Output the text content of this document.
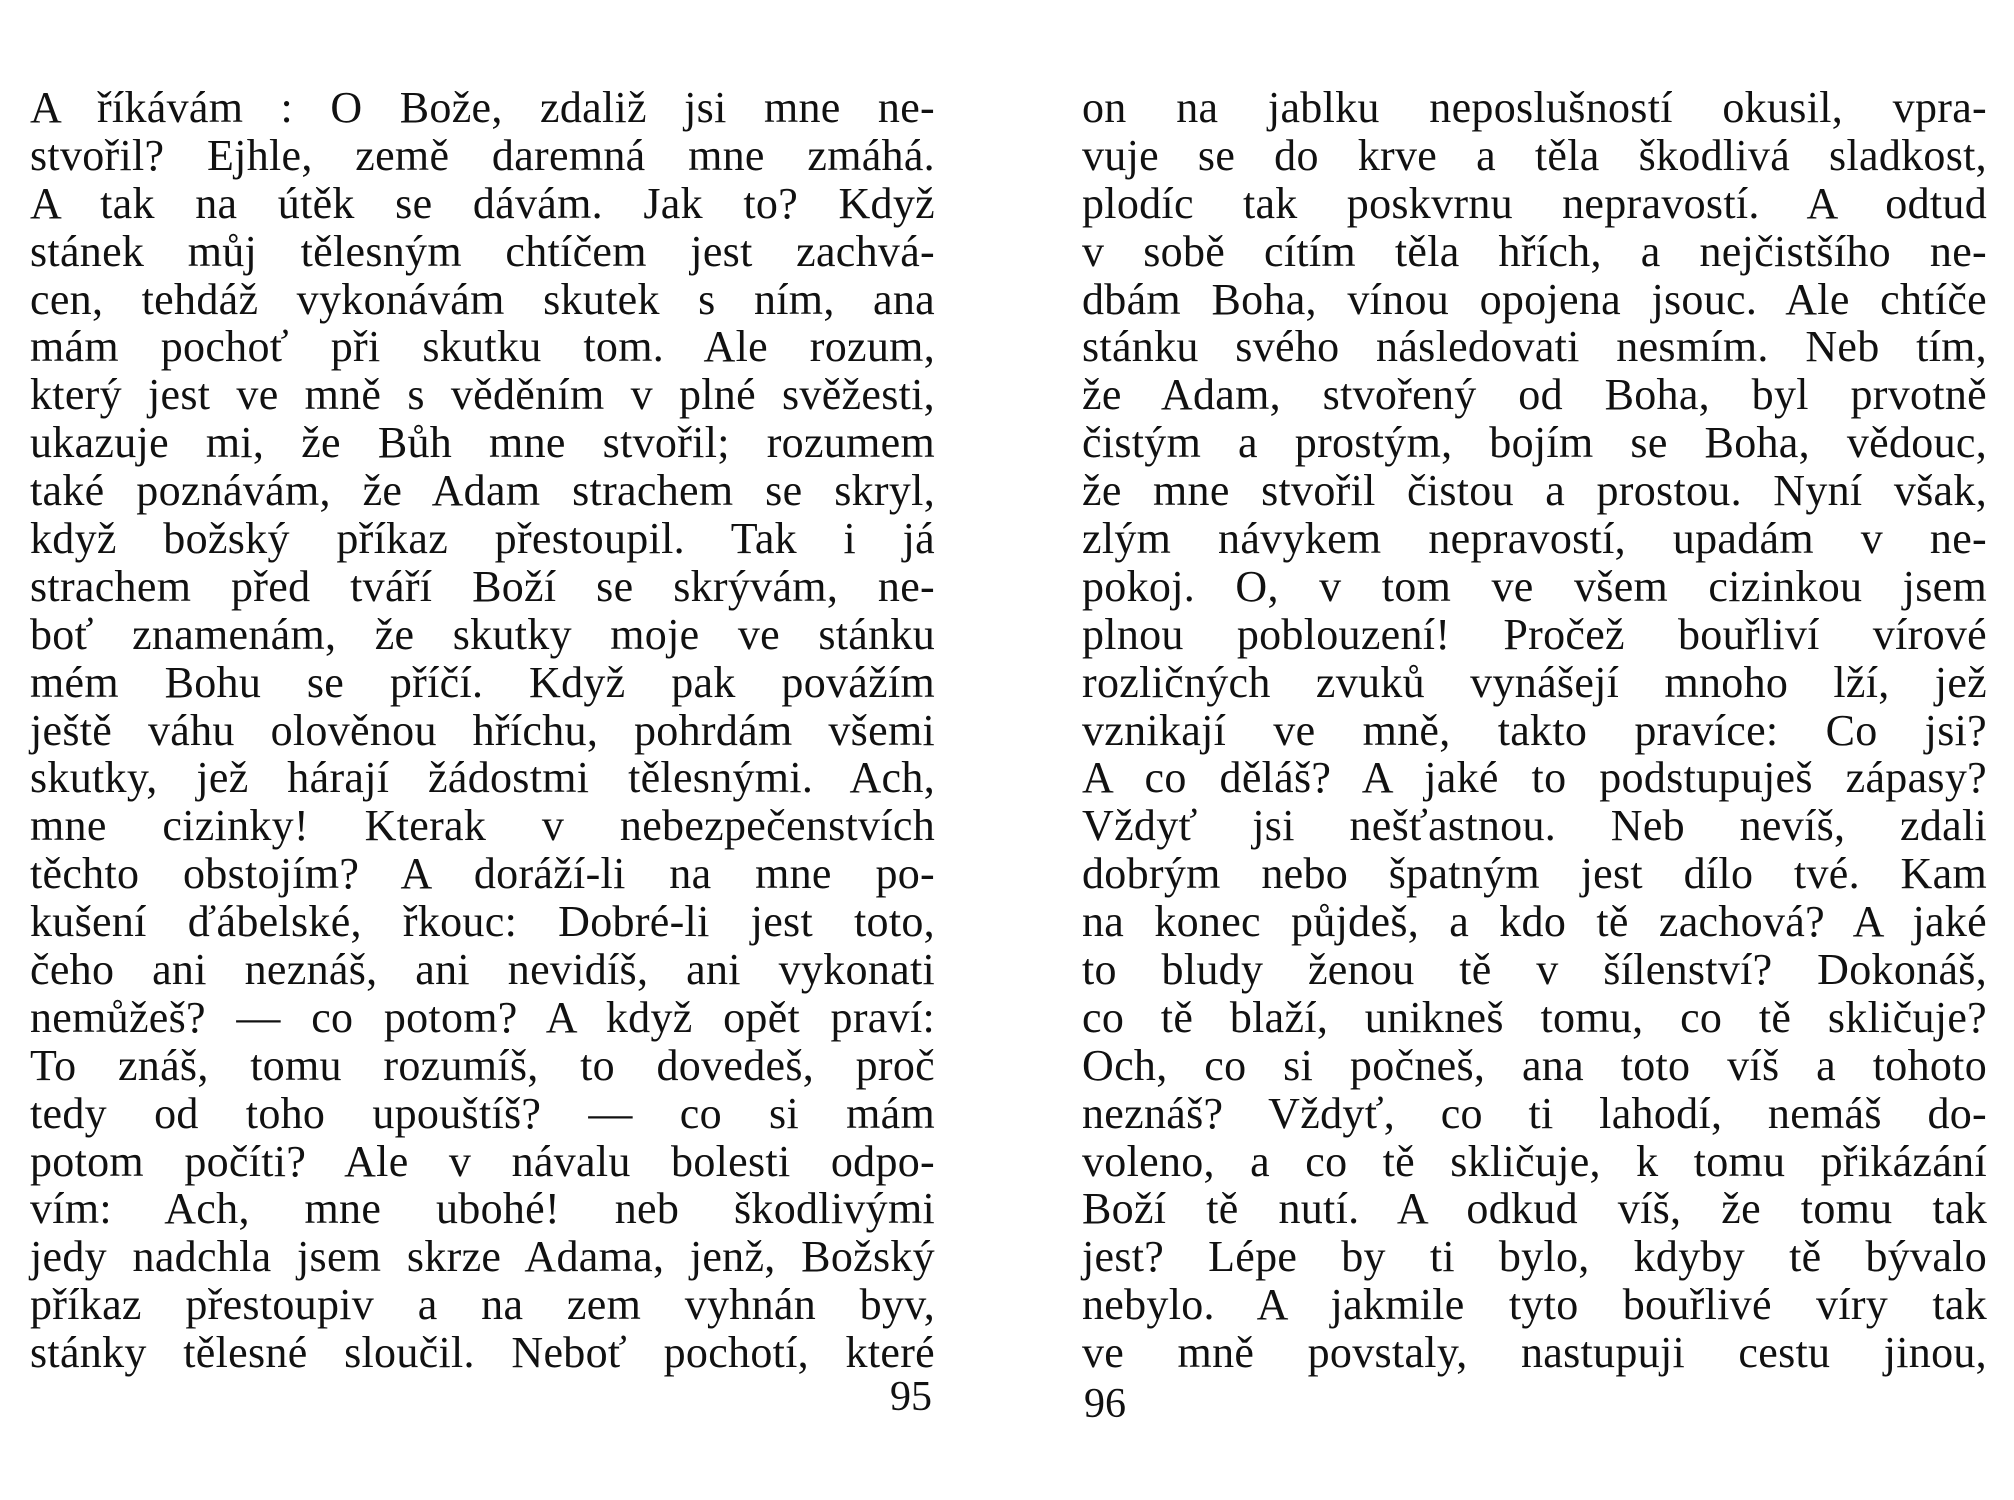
A říkávám : O Bože, zdaliž jsi mne ne-
stvořil? Ejhle, země daremná mne zmáhá.
A tak na útěk se dávám. Jak to? Když
stánek můj tělesným chtíčem jest zachvá-
cen, tehdáž vykonávám skutek s ním, ana
mám pochoť při skutku tom. Ale rozum,
který jest ve mně s věděním v plné svěžesti,
ukazuje mi, že Bůh mne stvořil; rozumem
také poznávám, že Adam strachem se skryl,
když božský příkaz přestoupil. Tak i já
strachem před tváří Boží se skrývám, ne-
boť znamenám, že skutky moje ve stánku
mém Bohu se příčí. Když pak povážím
ještě váhu olověnou hříchu, pohrdám všemi
skutky, jež hárají žádostmi tělesnými. Ach,
mne cizinky! Kterak v nebezpečenstvích
těchto obstojím? A doráží-li na mne po-
kušení ďábelské, řkouc: Dobré-li jest toto,
čeho ani neznáš, ani nevidíš, ani vykonati
nemůžeš? — co potom? A když opět praví:
To znáš, tomu rozumíš, to dovedeš, proč
tedy od toho upouštíš? — co si mám
potom počíti? Ale v návalu bolesti odpo-
vím: Ach, mne ubohé! neb škodlivými
jedy nadchla jsem skrze Adama, jenž, Božský
příkaz přestoupiv a na zem vyhnán byv,
stánky tělesné sloučil. Neboť pochotí, které
95
on na jablku neposlušností okusil, vpra-
vuje se do krve a těla škodlivá sladkost,
plodíc tak poskvrnu nepravostí. A odtud
v sobě cítím těla hřích, a nejčistšího ne-
dbám Boha, vínou opojena jsouc. Ale chtíče
stánku svého následovati nesmím. Neb tím,
že Adam, stvořený od Boha, byl prvotně
čistým a prostým, bojím se Boha, vědouc,
že mne stvořil čistou a prostou. Nyní však,
zlým návykem nepravostí, upadám v ne-
pokoj. O, v tom ve všem cizinkou jsem
plnou poblouzení! Pročež bouřliví vírové
rozličných zvuků vynášejí mnoho lží, jež
vznikají ve mně, takto pravíce: Co jsi?
A co děláš? A jaké to podstupuješ zápasy?
Vždyť jsi nešťastnou. Neb nevíš, zdali
dobrým nebo špatným jest dílo tvé. Kam
na konec půjdeš, a kdo tě zachová? A jaké
to bludy ženou tě v šílenství? Dokonáš,
co tě blaží, unikneš tomu, co tě skličuje?
Och, co si počneš, ana toto víš a tohoto
neznáš? Vždyť, co ti lahodí, nemáš do-
voleno, a co tě skličuje, k tomu přikázání
Boží tě nutí. A odkud víš, že tomu tak
jest? Lépe by ti bylo, kdyby tě bývalo
nebylo. A jakmile tyto bouřlivé víry tak
ve mně povstaly, nastupuji cestu jinou,
96
